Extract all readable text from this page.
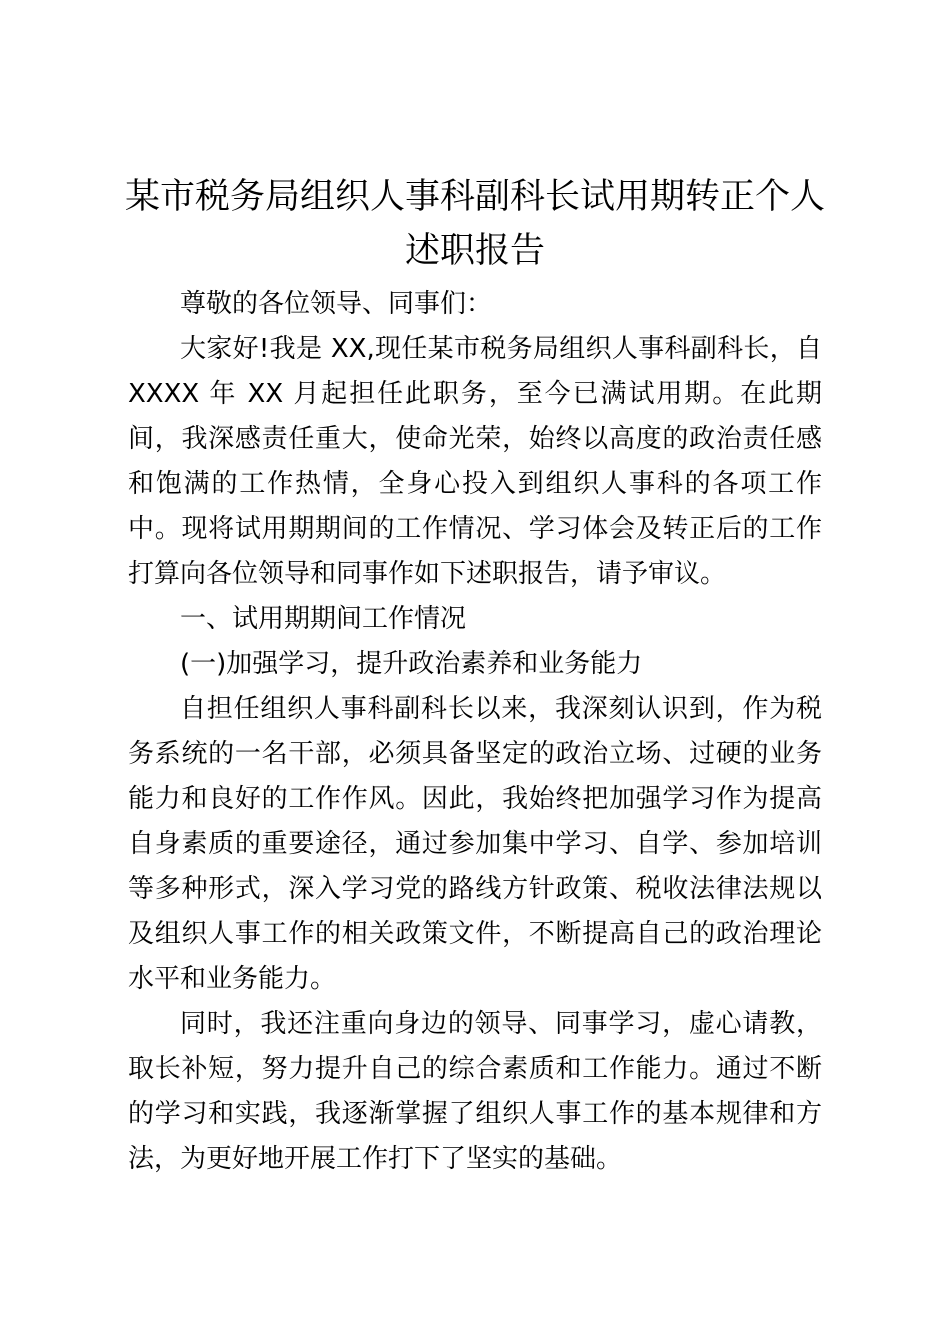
某市税务局组织人事科副科长试用期转正个人
述职报告

尊敬的各位领导、同事们：

大家好!我是 XX,现任某市税务局组织人事科副科长，自 XXXX 年 XX 月起担任此职务，至今已满试用期。在此期间，我深感责任重大，使命光荣，始终以高度的政治责任感和饱满的工作热情，全身心投入到组织人事科的各项工作中。现将试用期期间的工作情况、学习体会及转正后的工作打算向各位领导和同事作如下述职报告，请予审议。

一、试用期期间工作情况

(一)加强学习，提升政治素养和业务能力

自担任组织人事科副科长以来，我深刻认识到，作为税务系统的一名干部，必须具备坚定的政治立场、过硬的业务能力和良好的工作作风。因此，我始终把加强学习作为提高自身素质的重要途径，通过参加集中学习、自学、参加培训等多种形式，深入学习党的路线方针政策、税收法律法规以及组织人事工作的相关政策文件，不断提高自己的政治理论水平和业务能力。

同时，我还注重向身边的领导、同事学习，虚心请教，取长补短，努力提升自己的综合素质和工作能力。通过不断的学习和实践，我逐渐掌握了组织人事工作的基本规律和方法，为更好地开展工作打下了坚实的基础。
